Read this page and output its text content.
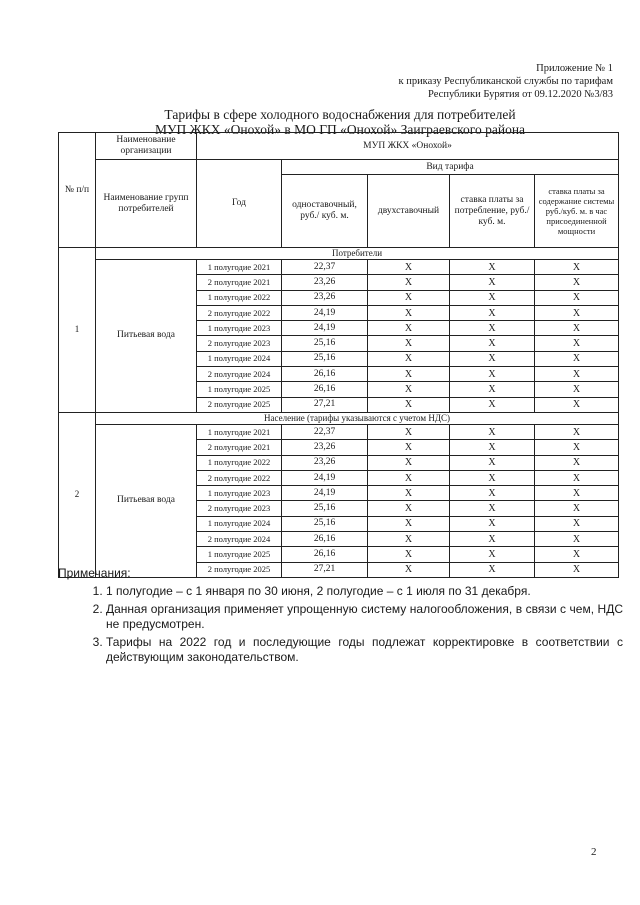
Приложение № 1
к приказу Республиканской службы по тарифам
Республики Бурятия от 09.12.2020 №3/83
Тарифы в сфере холодного водоснабжения для потребителей
МУП ЖКХ «Онохой» в МО ГП «Онохой» Заиграевского района
№ п/п	Наименование организации	МУП ЖКХ «Онохой»				
	Наименование групп потребителей	Год	Вид тарифа			
			одноставочный, руб./ куб. м.	двухставочный	ставка платы за потребление, руб./ куб. м.	ставка платы за содержание системы руб./куб. м. в час присоединенной мощности
1	Потребители					
	Питьевая вода	1 полугодие 2021	22,37	Х	Х	Х
		2 полугодие 2021	23,26	Х	Х	Х
		1 полугодие 2022	23,26	Х	Х	Х
		2 полугодие 2022	24,19	Х	Х	Х
		1 полугодие 2023	24,19	Х	Х	Х
		2 полугодие 2023	25,16	Х	Х	Х
		1 полугодие 2024	25,16	Х	Х	Х
		2 полугодие 2024	26,16	Х	Х	Х
		1 полугодие 2025	26,16	Х	Х	Х
		2 полугодие 2025	27,21	Х	Х	Х
2	Население (тарифы указываются с учетом НДС)					
	Питьевая вода	1 полугодие 2021	22,37	Х	Х	Х
		2 полугодие 2021	23,26	Х	Х	Х
		1 полугодие 2022	23,26	Х	Х	Х
		2 полугодие 2022	24,19	Х	Х	Х
		1 полугодие 2023	24,19	Х	Х	Х
		2 полугодие 2023	25,16	Х	Х	Х
		1 полугодие 2024	25,16	Х	Х	Х
		2 полугодие 2024	26,16	Х	Х	Х
		1 полугодие 2025	26,16	Х	Х	Х
		2 полугодие 2025	27,21	Х	Х	Х
Примечания:
1. 1 полугодие – с 1 января по 30 июня, 2 полугодие – с 1 июля по 31 декабря.
2. Данная организация применяет упрощенную систему налогообложения, в связи с чем, НДС не предусмотрен.
3. Тарифы на 2022 год и последующие годы подлежат корректировке в соответствии с действующим законодательством.
2
